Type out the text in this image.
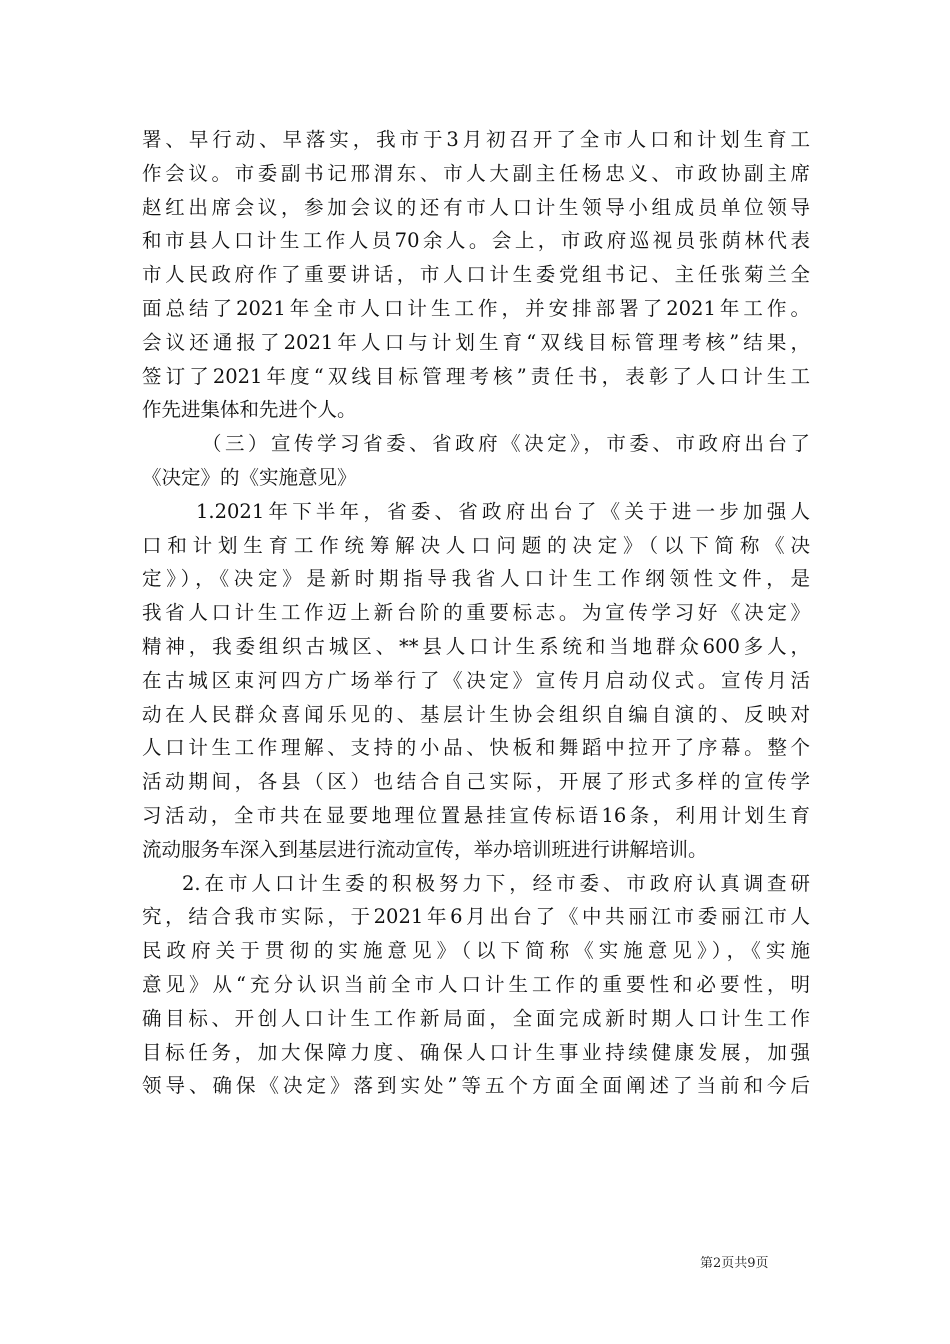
署、早行动、早落实，我市于3月初召开了全市人口和计划生育工
作会议。市委副书记邢渭东、市人大副主任杨忠义、市政协副主席
赵红出席会议，参加会议的还有市人口计生领导小组成员单位领导
和市县人口计生工作人员70余人。会上，市政府巡视员张荫林代表
市人民政府作了重要讲话，市人口计生委党组书记、主任张菊兰全
面总结了2021年全市人口计生工作，并安排部署了2021年工作。
会议还通报了2021年人口与计划生育“双线目标管理考核”结果，
签订了2021年度“双线目标管理考核”责任书，表彰了人口计生工
作先进集体和先进个人。
（三）宣传学习省委、省政府《决定》，市委、市政府出台了
《决定》的《实施意见》
1.2021年下半年，省委、省政府出台了《关于进一步加强人
口和计划生育工作统筹解决人口问题的决定》（以下简称《决
定》），《决定》是新时期指导我省人口计生工作纲领性文件，是
我省人口计生工作迈上新台阶的重要标志。为宣传学习好《决定》
精神，我委组织古城区、**县人口计生系统和当地群众600多人，
在古城区束河四方广场举行了《决定》宣传月启动仪式。宣传月活
动在人民群众喜闻乐见的、基层计生协会组织自编自演的、反映对
人口计生工作理解、支持的小品、快板和舞蹈中拉开了序幕。整个
活动期间，各县（区）也结合自己实际，开展了形式多样的宣传学
习活动，全市共在显要地理位置悬挂宣传标语16条，利用计划生育
流动服务车深入到基层进行流动宣传，举办培训班进行讲解培训。
2.在市人口计生委的积极努力下，经市委、市政府认真调查研
究，结合我市实际，于2021年6月出台了《中共丽江市委丽江市人
民政府关于贯彻的实施意见》（以下简称《实施意见》），《实施
意见》从“充分认识当前全市人口计生工作的重要性和必要性，明
确目标、开创人口计生工作新局面，全面完成新时期人口计生工作
目标任务，加大保障力度、确保人口计生事业持续健康发展，加强
领导、确保《决定》落到实处”等五个方面全面阐述了当前和今后
第2页共9页
